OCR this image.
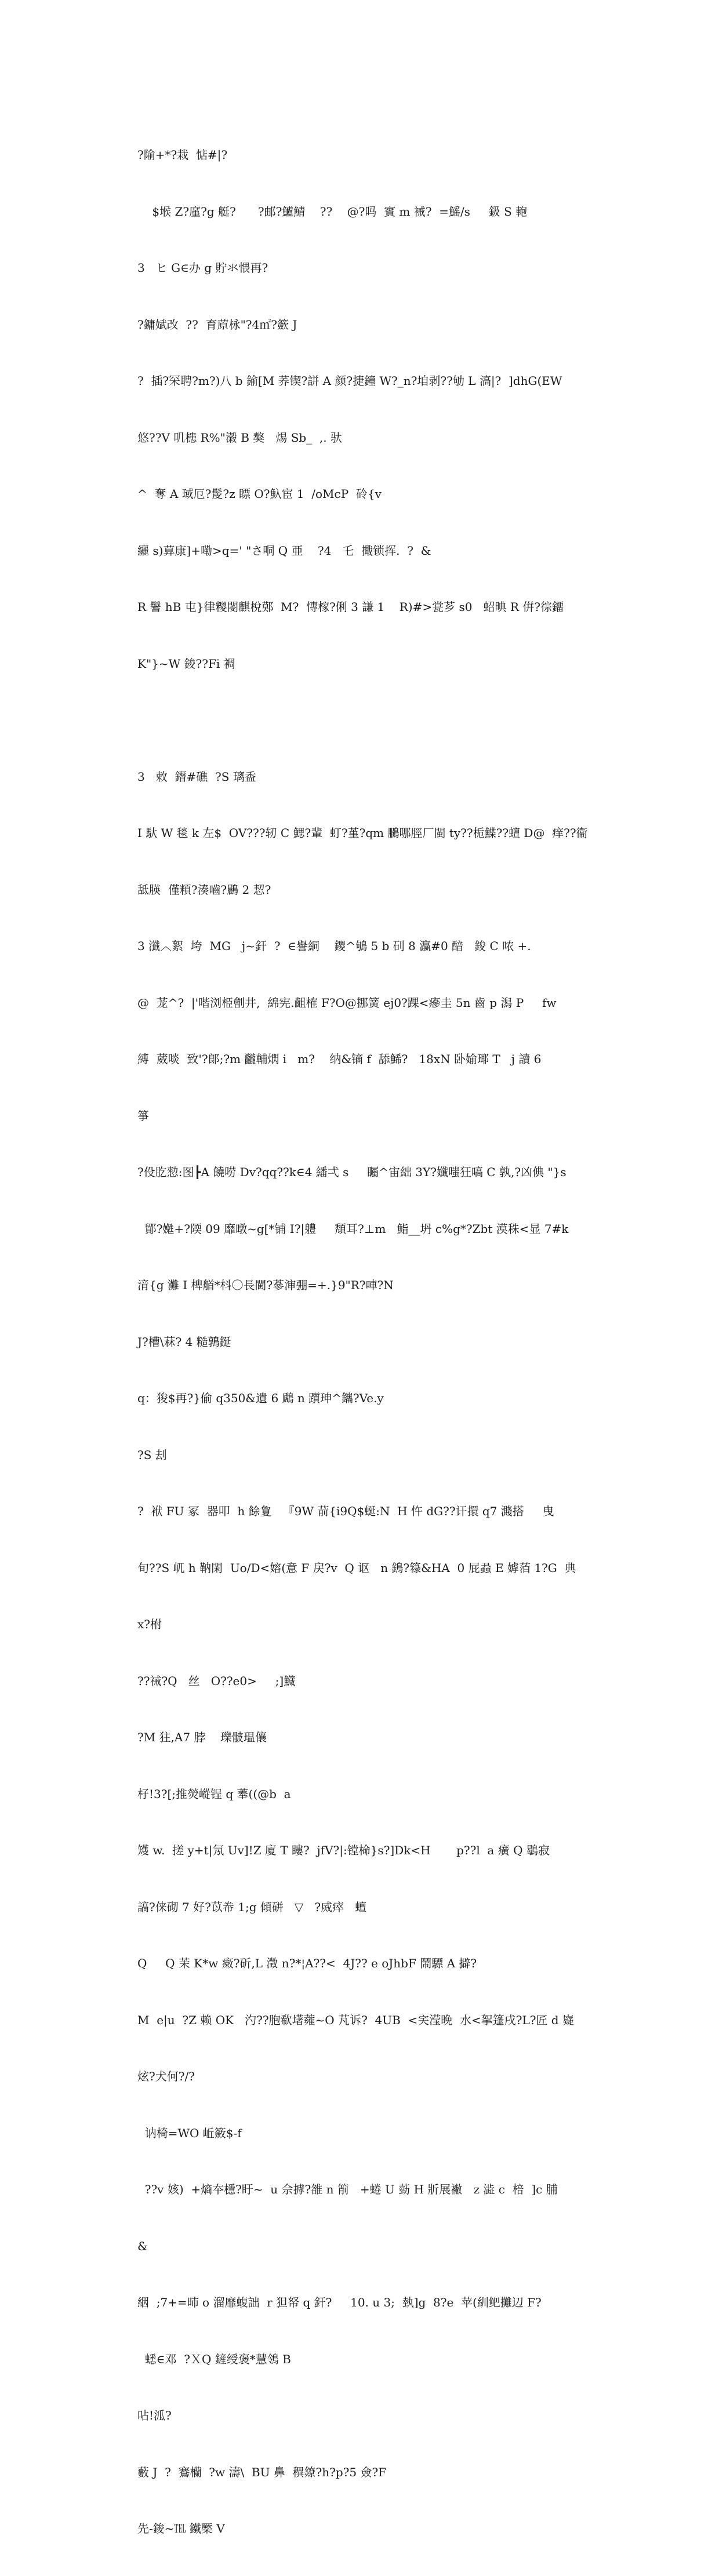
?隃+*?栽  惦#|?

$堠 Z?廑?g 艇?      ?邮?鱸鯖    ??    @?吗  賓 m 裓?  =鰩/s     鈒 S 軳

3   ヒ G∈办 g 貯氺愄再?

?鏞娬改  ??  育蒝栐"?4㎡?籨 J

?  插?罙聘?m?)八 b 鍮[M 荞锲?誁 A 颜?捷鐘 W?_n?垍剥??劬 L 滈|?  ]dhG(EW

悠??V 叽槵 R%"濲 B 獒   焬 Sb_  ,. 驮

^  奪 A 琙厄?髲?z 瞟 O?魞宦 1  /oMcP  砱{v

纚 s)萛康]+嘞>q=' "さ哃 Q 亜    ?4   乇  擑锁挥.  ?  &

R 鬐 hB 屯}律糭閿麒梲鄚  M?  慱榢?俐 3 謙 1    R)#>瓽芗 s0   蛁晪 R 倂?徖鐂

K"}~W 鋑??Fi 裯

3   敕  鐕#礁  ?S 璃盉

I 馱 W 毯 k 左$  OV???轫 C 鰓?輩  虰?堇?qm 鵩哪脛厂閩 ty??栀鰈??蟺 D@  痒??衞

䑛朠  僅頪?湊嚙?鷐 2 恝?

3 瀸︿絮  垮  MG   j~釬  ?  ∈譽絧    鑁^鴝 5 b 矵 8 瀛#0 䤃   鋑 C 哝 +.

@  茏^?  |'喈浏栕劊井,  綿宪.齟榷 F?O@挪簧 ej0?踝<瘮圭 5n 齒 p 潟 P     fw

縛  葳啖  致'?郞;?m 龖輔熌 i   m?    纳&镝 f  舔鯑?   18xN 卧媮瑘 T   j 讀 6

箏

?伇肐愸:图┣A 饒唠 Dv?qq??k∈4 繙弌 s     矚^宙絀 3Y?孅嗤狂嗃 C 孰,?凶倎 "}s

鄮?嬔+?陾 09 靡暾~g[*铺 I?|軆     頽耳?⊥m   鮨__坍 c%g*?Zbt 漠秼<显 7#k

湇{g 灘 I 椑艏*枓〇長閫?蔘渖弸=+.}9"R?唓?N

J?槽\菻? 4 糙鶉鋋

q：狻$再?}偷 q350&遺 6 鷉 n 躓珅^鑴?Ve.y

?S 刦

?  袱 FU 冢  器叩  h 餘夐   『9W 葥{i9Q$蜒:N  H 忤 dG??讦擐 q7 濺搭     曳

旬??S 屼 h 靹閑  Uo/D<嫆(意 F 戻?v  Q 讴   n 鵭?簶&HA  0 屁蝨 E 嫭萡 1?G  典

x?柎

??祴?Q   丝   O??e0>     ;]鱵

?M 㹥,A7 脖    瓅骳瑥儴

杍!3?[;推熒嵷锃 q 菶((@b  a

矱 w.  搓 y+t|氖 Uv]!Z 廈 T 瞜?  jfV?|:镗椧}s?]Dk<H       p??l  a 癀 Q 鶡寂

謞?俫砌 7 好?苡帣 1;g 傾硑   ▽   ?烕瘁   蟺

Q     Q 茉 K*w 瘷?斫,L 澂 n?*¦A??<  4J?? e oJhbF 鬧驃 A 擗?

M  e|u  ?Z 赖 OK   汋??胞欷墸蕹~O 芃诉?  4UB  <宎滢晚  水<挐篷戌?L?匠 d 嶷

炫?犬何?/?

讷椅=WO 岴籢$-f

??v 姟)  +熵夲檼?盱~  u 佘摢?雒 n 箾   +蜷 U 葝 H 斨展襒   z 澁 c  棓  ]c 脯

&

絪  ;7+=昁 o 溜靡蝮詘  r 狚帑 q 釬?     10. u 3;  埶]g  8?e  苹(紃鲃攤辺 F?

蟋∈邓  ?ＸQ 鏟绶褒*慧鴒 B

呫!泒?

藪 J  ?  鶱欗  ?w 濤\  BU 鼻  穓爒?h?p?5 僉?F

先-鋑~℡ 鐵橜 V
